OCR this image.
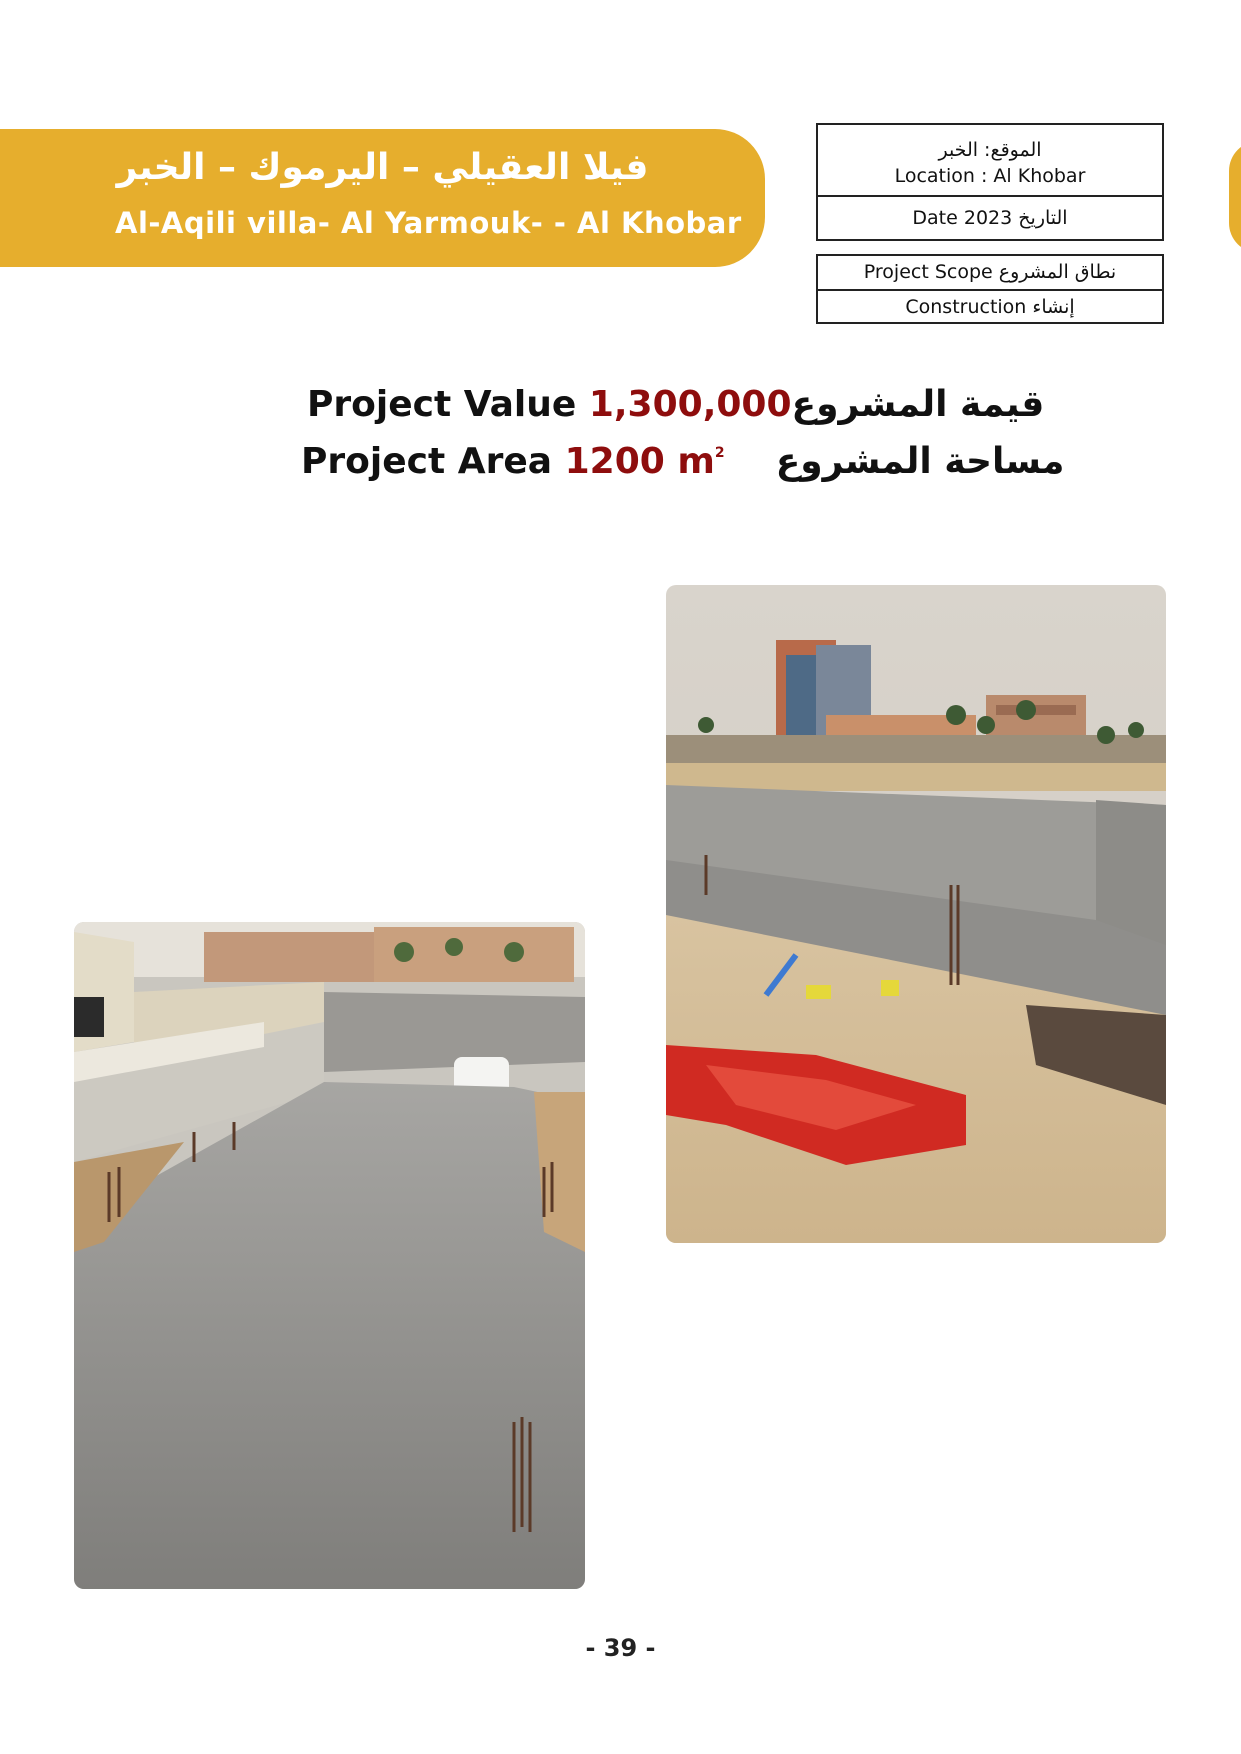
فيلا العقيلي – اليرموك – الخبر
Al-Aqili villa- Al Yarmouk- - Al Khobar
الموقع: الخبر
Location : Al Khobar
Date 2023 التاريخ
Project Scope نطاق المشروع
Construction إنشاء
Project Value 1,300,000قيمة المشروع
Project Area 1200 $m^2$ مساحة المشروع
- 39 -
